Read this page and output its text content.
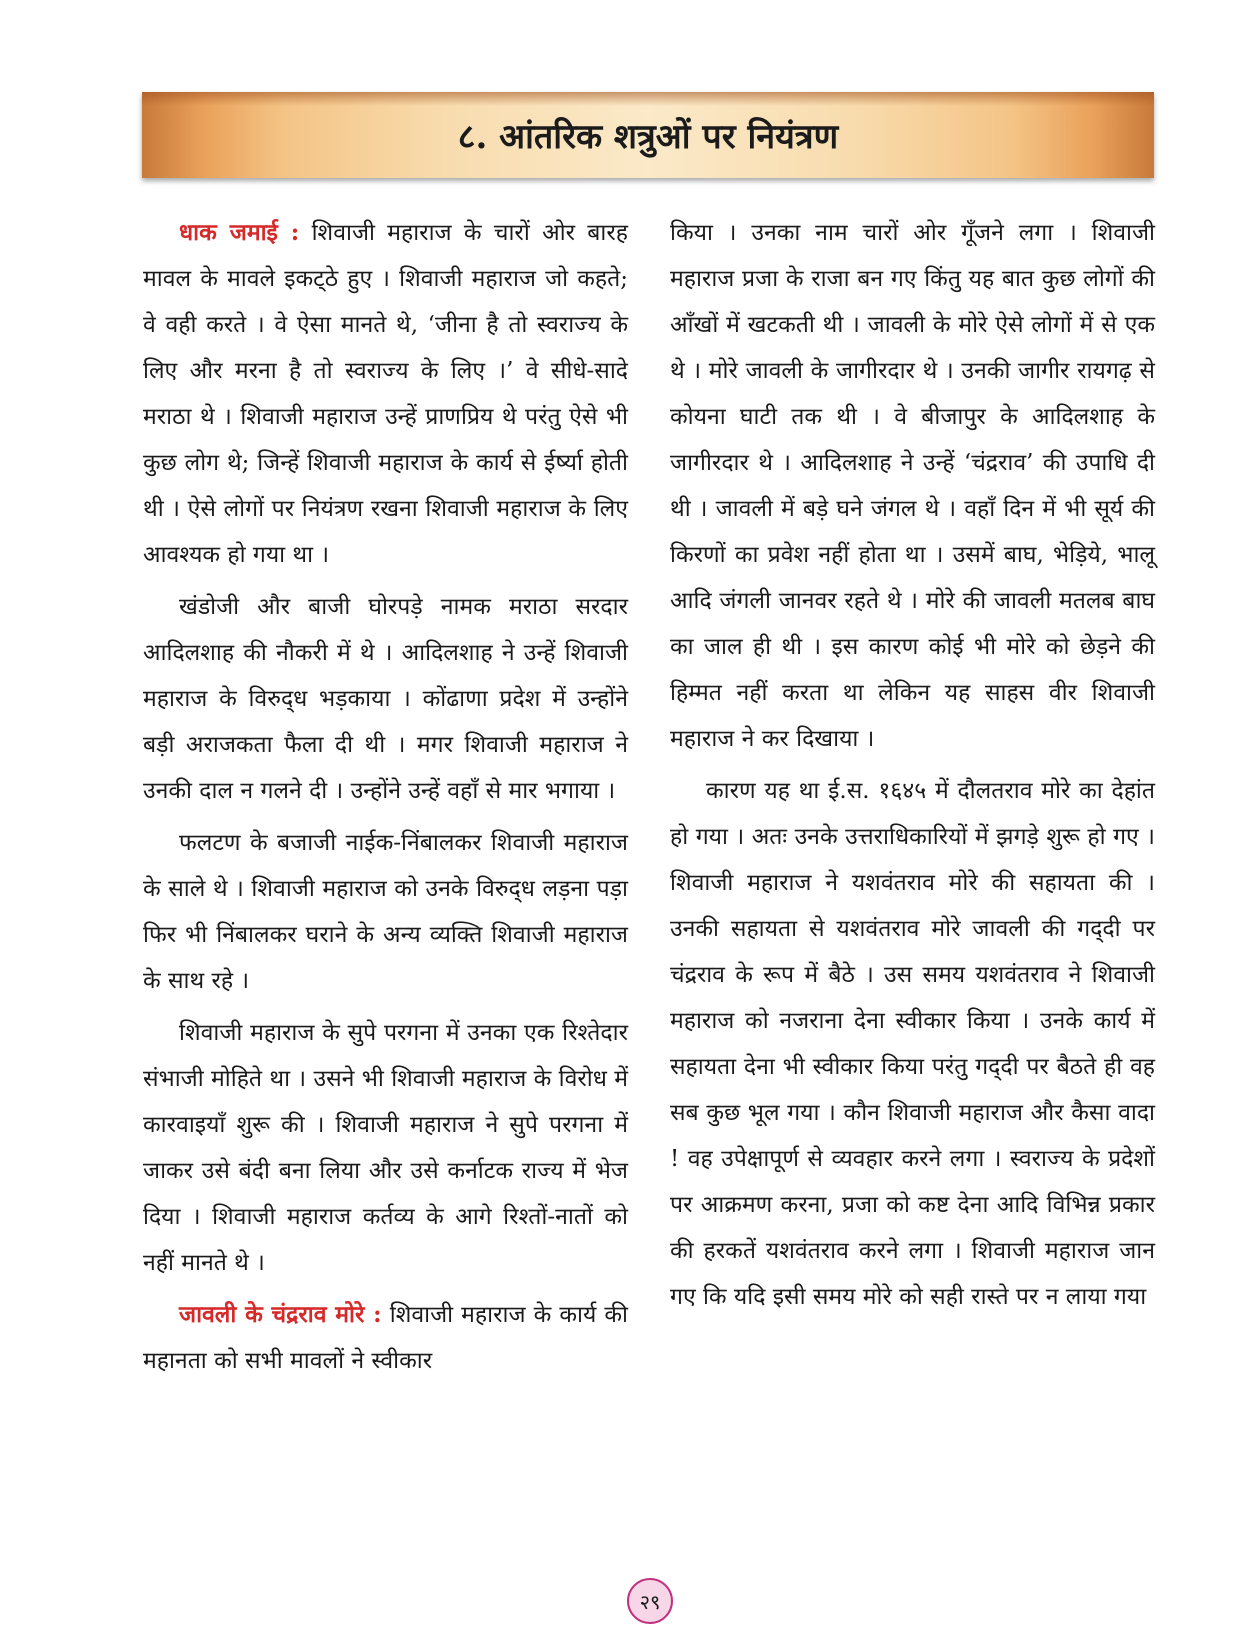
८. आंतरिक शत्रुओं पर नियंत्रण

धाक जमाई : शिवाजी महाराज के चारों ओर बारह मावल के मावले इकट्‌ठे हुए । शिवाजी महाराज जो कहते; वे वही करते । वे ऐसा मानते थे, ‘जीना है तो स्वराज्य के लिए और मरना है तो स्वराज्य के लिए ।’ वे सीधे-सादे मराठा थे । शिवाजी महाराज उन्हें प्राणप्रिय थे परंतु ऐसे भी कुछ लोग थे; जिन्हें शिवाजी महाराज के कार्य से ईर्ष्या होती थी । ऐसे लोगों पर नियंत्रण रखना शिवाजी महाराज के लिए आवश्यक हो गया था ।

खंडोजी और बाजी घोरपड़े नामक मराठा सरदार आदिलशाह की नौकरी में थे । आदिलशाह ने उन्हें शिवाजी महाराज के विरुद्‌ध भड़काया । कोंढाणा प्रदेश में उन्होंने बड़ी अराजकता फैला दी थी । मगर शिवाजी महाराज ने उनकी दाल न गलने दी । उन्होंने उन्हें वहाँ से मार भगाया ।

फलटण के बजाजी नाईक-निंबालकर शिवाजी महाराज के साले थे । शिवाजी महाराज को उनके विरुद्‌ध लड़ना पड़ा फिर भी निंबालकर घराने के अन्य व्यक्ति शिवाजी महाराज के साथ रहे ।

शिवाजी महाराज के सुपे परगना में उनका एक रिश्तेदार संभाजी मोहिते था । उसने भी शिवाजी महाराज के विरोध में कारवाइयाँ शुरू की । शिवाजी महाराज ने सुपे परगना में जाकर उसे बंदी बना लिया और उसे कर्नाटक राज्य में भेज दिया । शिवाजी महाराज कर्तव्य के आगे रिश्तों-नातों को नहीं मानते थे ।

जावली के चंद्रराव मोरे : शिवाजी महाराज के कार्य की महानता को सभी मावलों ने स्वीकार

किया । उनका नाम चारों ओर गूँजने लगा । शिवाजी महाराज प्रजा के राजा बन गए किंतु यह बात कुछ लोगों की आँखों में खटकती थी । जावली के मोरे ऐसे लोगों में से एक थे । मोरे जावली के जागीरदार थे । उनकी जागीर रायगढ़ से कोयना घाटी तक थी । वे बीजापुर के आदिलशाह के जागीरदार थे । आदिलशाह ने उन्हें ‘चंद्रराव’ की उपाधि दी थी । जावली में बड़े घने जंगल थे । वहाँ दिन में भी सूर्य की किरणों का प्रवेश नहीं होता था । उसमें बाघ, भेड़िये, भालू आदि जंगली जानवर रहते थे । मोरे की जावली मतलब बाघ का जाल ही थी । इस कारण कोई भी मोरे को छेड़ने की हिम्मत नहीं करता था लेकिन यह साहस वीर शिवाजी महाराज ने कर दिखाया ।

कारण यह था ई.स. १६४५ में दौलतराव मोरे का देहांत हो गया । अतः उनके उत्तराधिकारियों में झगड़े शुरू हो गए । शिवाजी महाराज ने यशवंतराव मोरे की सहायता की । उनकी सहायता से यशवंतराव मोरे जावली की गद्‌दी पर चंद्रराव के रूप में बैठे । उस समय यशवंतराव ने शिवाजी महाराज को नजराना देना स्वीकार किया । उनके कार्य में सहायता देना भी स्वीकार किया परंतु गद्‌दी पर बैठते ही वह सब कुछ भूल गया । कौन शिवाजी महाराज और कैसा वादा ! वह उपेक्षापूर्ण से व्यवहार करने लगा । स्वराज्य के प्रदेशों पर आक्रमण करना, प्रजा को कष्ट देना आदि विभिन्न प्रकार की हरकतें यशवंतराव करने लगा । शिवाजी महाराज जान गए कि यदि इसी समय मोरे को सही रास्ते पर न लाया गया

२९
